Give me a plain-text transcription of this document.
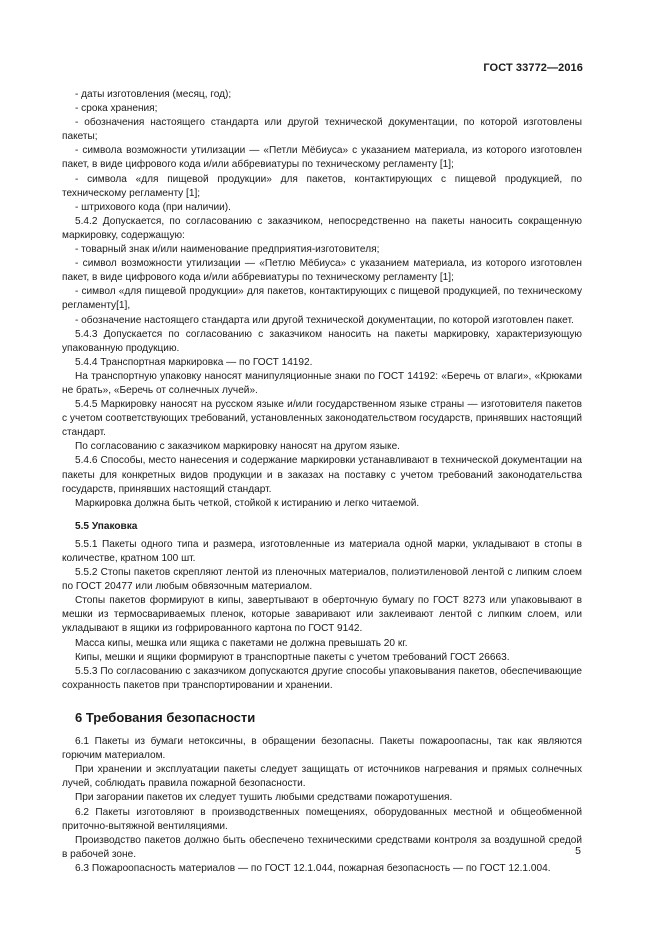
ГОСТ 33772—2016

- даты изготовления (месяц, год);

- срока хранения;

- обозначения настоящего стандарта или другой технической документации, по которой изготовлены пакеты;

- символа возможности утилизации — «Петли Мёбиуса» с указанием материала, из которого изготовлен пакет, в виде цифрового кода и/или аббревиатуры по техническому регламенту [1];

- символа «для пищевой продукции» для пакетов, контактирующих с пищевой продукцией, по техническому регламенту [1];

- штрихового кода (при наличии).

5.4.2 Допускается, по согласованию с заказчиком, непосредственно на пакеты наносить сокращенную маркировку, содержащую:

- товарный знак и/или наименование предприятия-изготовителя;

- символ возможности утилизации — «Петлю Мёбиуса» с указанием материала, из которого изготовлен пакет, в виде цифрового кода и/или аббревиатуры по техническому регламенту [1];

- символ «для пищевой продукции» для пакетов, контактирующих с пищевой продукцией, по техническому регламенту[1],

- обозначение настоящего стандарта или другой технической документации, по которой изготовлен пакет.

5.4.3 Допускается по согласованию с заказчиком наносить на пакеты маркировку, характеризующую упакованную продукцию.

5.4.4 Транспортная маркировка — по ГОСТ 14192.

На транспортную упаковку наносят манипуляционные знаки по ГОСТ 14192: «Беречь от влаги», «Крюками не брать», «Беречь от солнечных лучей».

5.4.5 Маркировку наносят на русском языке и/или государственном языке страны — изготовителя пакетов с учетом соответствующих требований, установленных законодательством государств, принявших настоящий стандарт.

По согласованию с заказчиком маркировку наносят на другом языке.

5.4.6 Способы, место нанесения и содержание маркировки устанавливают в технической документации на пакеты для конкретных видов продукции и в заказах на поставку с учетом требований законодательства государств, принявших настоящий стандарт.

Маркировка должна быть четкой, стойкой к истиранию и легко читаемой.

5.5 Упаковка

5.5.1 Пакеты одного типа и размера, изготовленные из материала одной марки, укладывают в стопы в количестве, кратном 100 шт.

5.5.2 Стопы пакетов скрепляют лентой из пленочных материалов, полиэтиленовой лентой с липким слоем по ГОСТ 20477 или любым обвязочным материалом.

Стопы пакетов формируют в кипы, завертывают в оберточную бумагу по ГОСТ 8273 или упаковывают в мешки из термосвариваемых пленок, которые заваривают или заклеивают лентой с липким слоем, или укладывают в ящики из гофрированного картона по ГОСТ 9142.

Масса кипы, мешка или ящика с пакетами не должна превышать 20 кг.

Кипы, мешки и ящики формируют в транспортные пакеты с учетом требований ГОСТ 26663.

5.5.3 По согласованию с заказчиком допускаются другие способы упаковывания пакетов, обеспечивающие сохранность пакетов при транспортировании и хранении.

6 Требования безопасности

6.1 Пакеты из бумаги нетоксичны, в обращении безопасны. Пакеты пожароопасны, так как являются горючим материалом.

При хранении и эксплуатации пакеты следует защищать от источников нагревания и прямых солнечных лучей, соблюдать правила пожарной безопасности.

При загорании пакетов их следует тушить любыми средствами пожаротушения.

6.2 Пакеты изготовляют в производственных помещениях, оборудованных местной и общеобменной приточно-вытяжной вентиляциями.

Производство пакетов должно быть обеспечено техническими средствами контроля за воздушной средой в рабочей зоне.

6.3 Пожароопасность материалов — по ГОСТ 12.1.044, пожарная безопасность — по ГОСТ 12.1.004.

5
